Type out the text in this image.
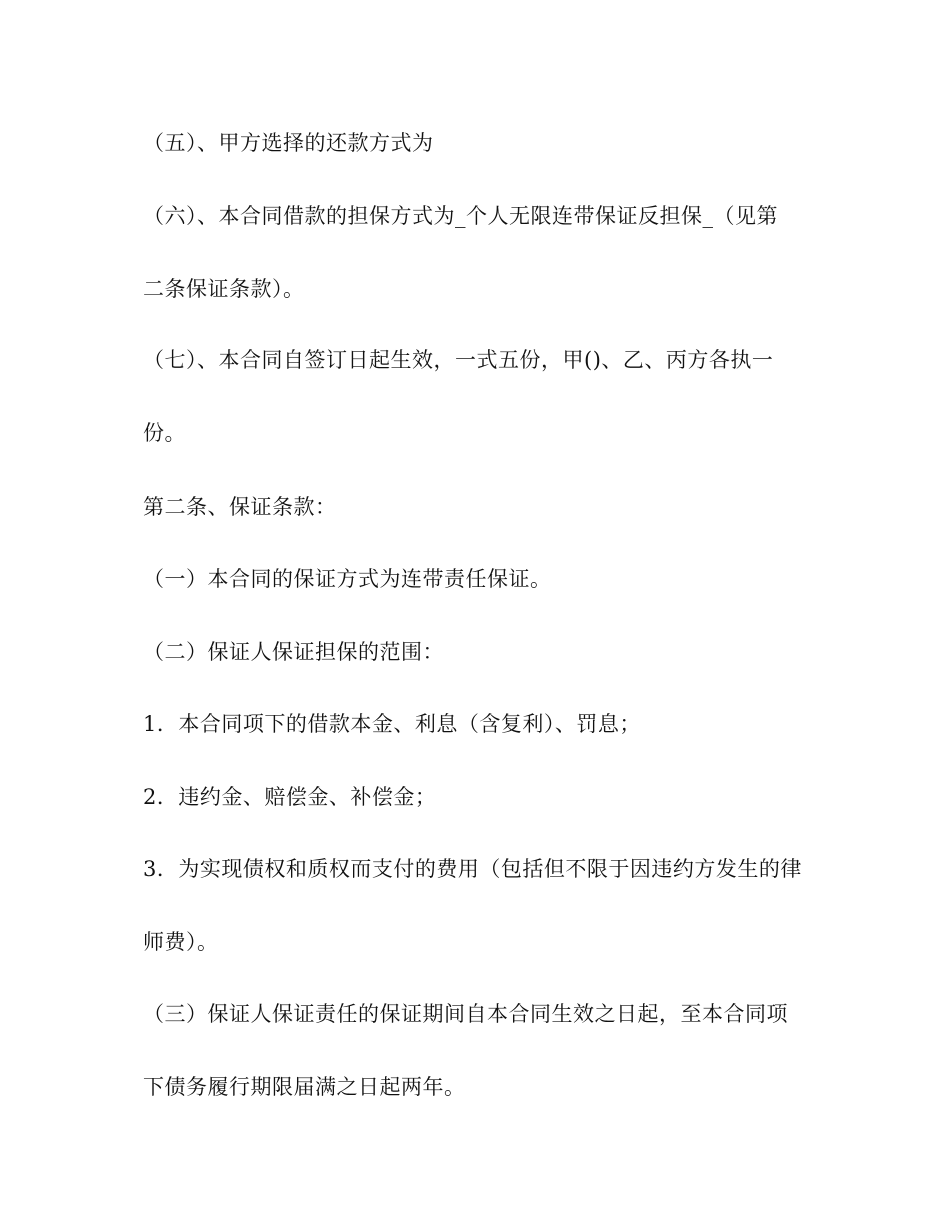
（五）、甲方选择的还款方式为

（六）、本合同借款的担保方式为_个人无限连带保证反担保_（见第

二条保证条款）。

（七）、本合同自签订日起生效，一式五份，甲()、乙、丙方各执一

份。

第二条、保证条款：

（一）本合同的保证方式为连带责任保证。

（二）保证人保证担保的范围：

1．本合同项下的借款本金、利息（含复利）、罚息；

2．违约金、赔偿金、补偿金；

3．为实现债权和质权而支付的费用（包括但不限于因违约方发生的律

师费）。

（三）保证人保证责任的保证期间自本合同生效之日起，至本合同项

下债务履行期限届满之日起两年。
